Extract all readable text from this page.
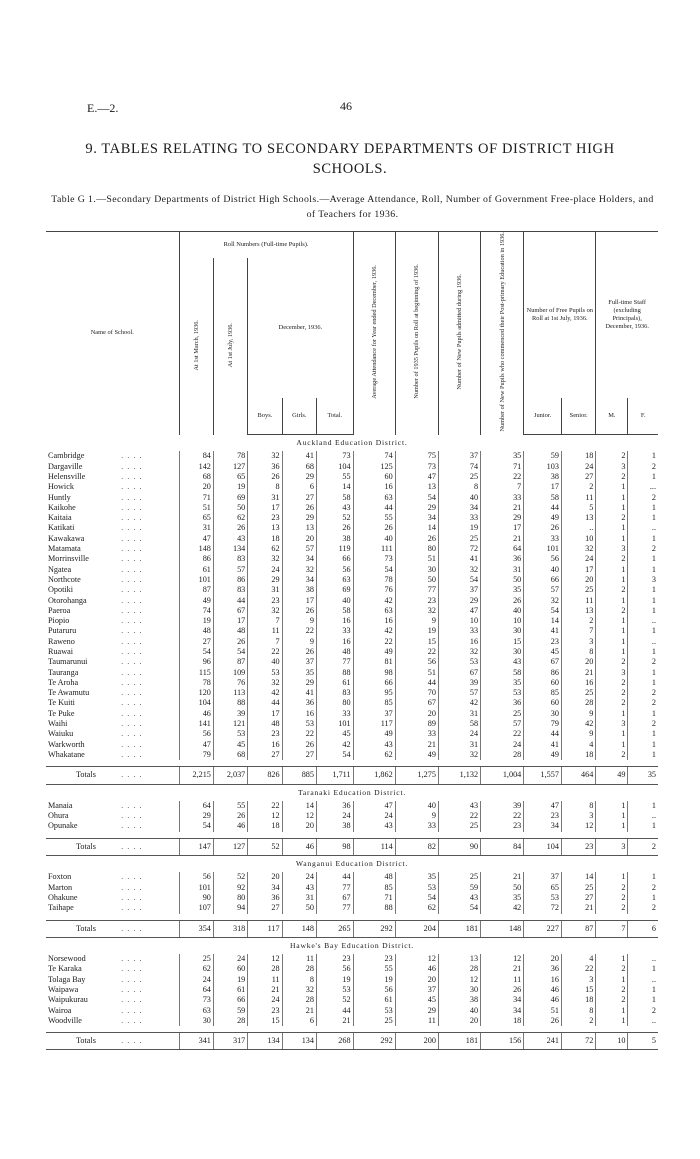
E.—2.	46
9. TABLES RELATING TO SECONDARY DEPARTMENTS OF DISTRICT HIGH SCHOOLS.
Table G 1.—Secondary Departments of District High Schools.—Average Attendance, Roll, Number of Government Free-place Holders, and of Teachers for 1936.
Name of School.		Roll Numbers (Full-time Pupils).					Average Attendance for Year ended December, 1936.	Number of 1935 Pupils on Roll at beginning of 1936.	Number of New Pupils admitted during 1936.	Number of New Pupils who commenced their Post-primary Education in 1936.	Number of Free Pupils on Roll at 1st July, 1936.		Full-time Staff (excluding Principals), December, 1936.	
		At 1st March, 1936.	At 1st July, 1936.	December, 1936.										
				Boys.	Girls.	Total.					Junior.	Senior.	M.	F.
Auckland Education District.														
Cambridge	. . . .	84	78	32	41	73	74	75	37	35	59	18	2	1
Dargaville	. . . .	142	127	36	68	104	125	73	74	71	103	24	3	2
Helensville	. . . .	68	65	26	29	55	60	47	25	22	38	27	2	1
Howick	. . . .	20	19	8	6	14	16	13	8	7	17	2	1	...
Huntly	. . . .	71	69	31	27	58	63	54	40	33	58	11	1	2
Kaikohe	. . . .	51	50	17	26	43	44	29	34	21	44	5	1	1
Kaitaia	. . . .	65	62	23	29	52	55	34	33	29	49	13	2	1
Katikati	. . . .	31	26	13	13	26	26	14	19	17	26	..	1	..
Kawakawa	. . . .	47	43	18	20	38	40	26	25	21	33	10	1	1
Matamata	. . . .	148	134	62	57	119	111	80	72	64	101	32	3	2
Morrinsville	. . . .	86	83	32	34	66	73	51	41	36	56	24	2	1
Ngatea	. . . .	61	57	24	32	56	54	30	32	31	40	17	1	1
Northcote	. . . .	101	86	29	34	63	78	50	54	50	66	20	1	3
Opotiki	. . . .	87	83	31	38	69	76	77	37	35	57	25	2	1
Otorohanga	. . . .	49	44	23	17	40	42	23	29	26	32	11	1	1
Paeroa	. . . .	74	67	32	26	58	63	32	47	40	54	13	2	1
Piopio	. . . .	19	17	7	9	16	16	9	10	10	14	2	1	..
Putaruru	. . . .	48	48	11	22	33	42	19	33	30	41	7	1	1
Raweno	. . . .	27	26	7	9	16	22	15	16	15	23	3	1	..
Ruawai	. . . .	54	54	22	26	48	49	22	32	30	45	8	1	1
Taumarunui	. . . .	96	87	40	37	77	81	56	53	43	67	20	2	2
Tauranga	. . . .	115	109	53	35	88	98	51	67	58	86	21	3	1
Te Aroha	. . . .	78	76	32	29	61	66	44	39	35	60	16	2	1
Te Awamutu	. . . .	120	113	42	41	83	95	70	57	53	85	25	2	2
Te Kuiti	. . . .	104	88	44	36	80	85	67	42	36	60	28	2	2
Te Puke	. . . .	46	39	17	16	33	37	20	31	25	30	9	1	1
Waihi	. . . .	141	121	48	53	101	117	89	58	57	79	42	3	2
Waiuku	. . . .	56	53	23	22	45	49	33	24	22	44	9	1	1
Warkworth	. . . .	47	45	16	26	42	43	21	31	24	41	4	1	1
Whakatane	. . . .	79	68	27	27	54	62	49	32	28	49	18	2	1

Totals	. . . .	2,215	2,037	826	885	1,711	1,862	1,275	1,132	1,004	1,557	464	49	35
Taranaki Education District.														
Manaia	. . . .	64	55	22	14	36	47	40	43	39	47	8	1	1
Ohura	. . . .	29	26	12	12	24	24	9	22	22	23	3	1	..
Opunake	. . . .	54	46	18	20	38	43	33	25	23	34	12	1	1

Totals	. . . .	147	127	52	46	98	114	82	90	84	104	23	3	2
Wanganui Education District.														
Foxton	. . . .	56	52	20	24	44	48	35	25	21	37	14	1	1
Marton	. . . .	101	92	34	43	77	85	53	59	50	65	25	2	2
Ohakune	. . . .	90	80	36	31	67	71	54	43	35	53	27	2	1
Taihape	. . . .	107	94	27	50	77	88	62	54	42	72	21	2	2

Totals	. . . .	354	318	117	148	265	292	204	181	148	227	87	7	6
Hawke's Bay Education District.														
Norsewood	. . . .	25	24	12	11	23	23	12	13	12	20	4	1	..
Te Karaka	. . . .	62	60	28	28	56	55	46	28	21	36	22	2	1
Tolaga Bay	. . . .	24	19	11	8	19	19	20	12	11	16	3	1	..
Waipawa	. . . .	64	61	21	32	53	56	37	30	26	46	15	2	1
Waipukurau	. . . .	73	66	24	28	52	61	45	38	34	46	18	2	1
Wairoa	. . . .	63	59	23	21	44	53	29	40	34	51	8	1	2
Woodville	. . . .	30	28	15	6	21	25	11	20	18	26	2	1	..

Totals	. . . .	341	317	134	134	268	292	200	181	156	241	72	10	5
